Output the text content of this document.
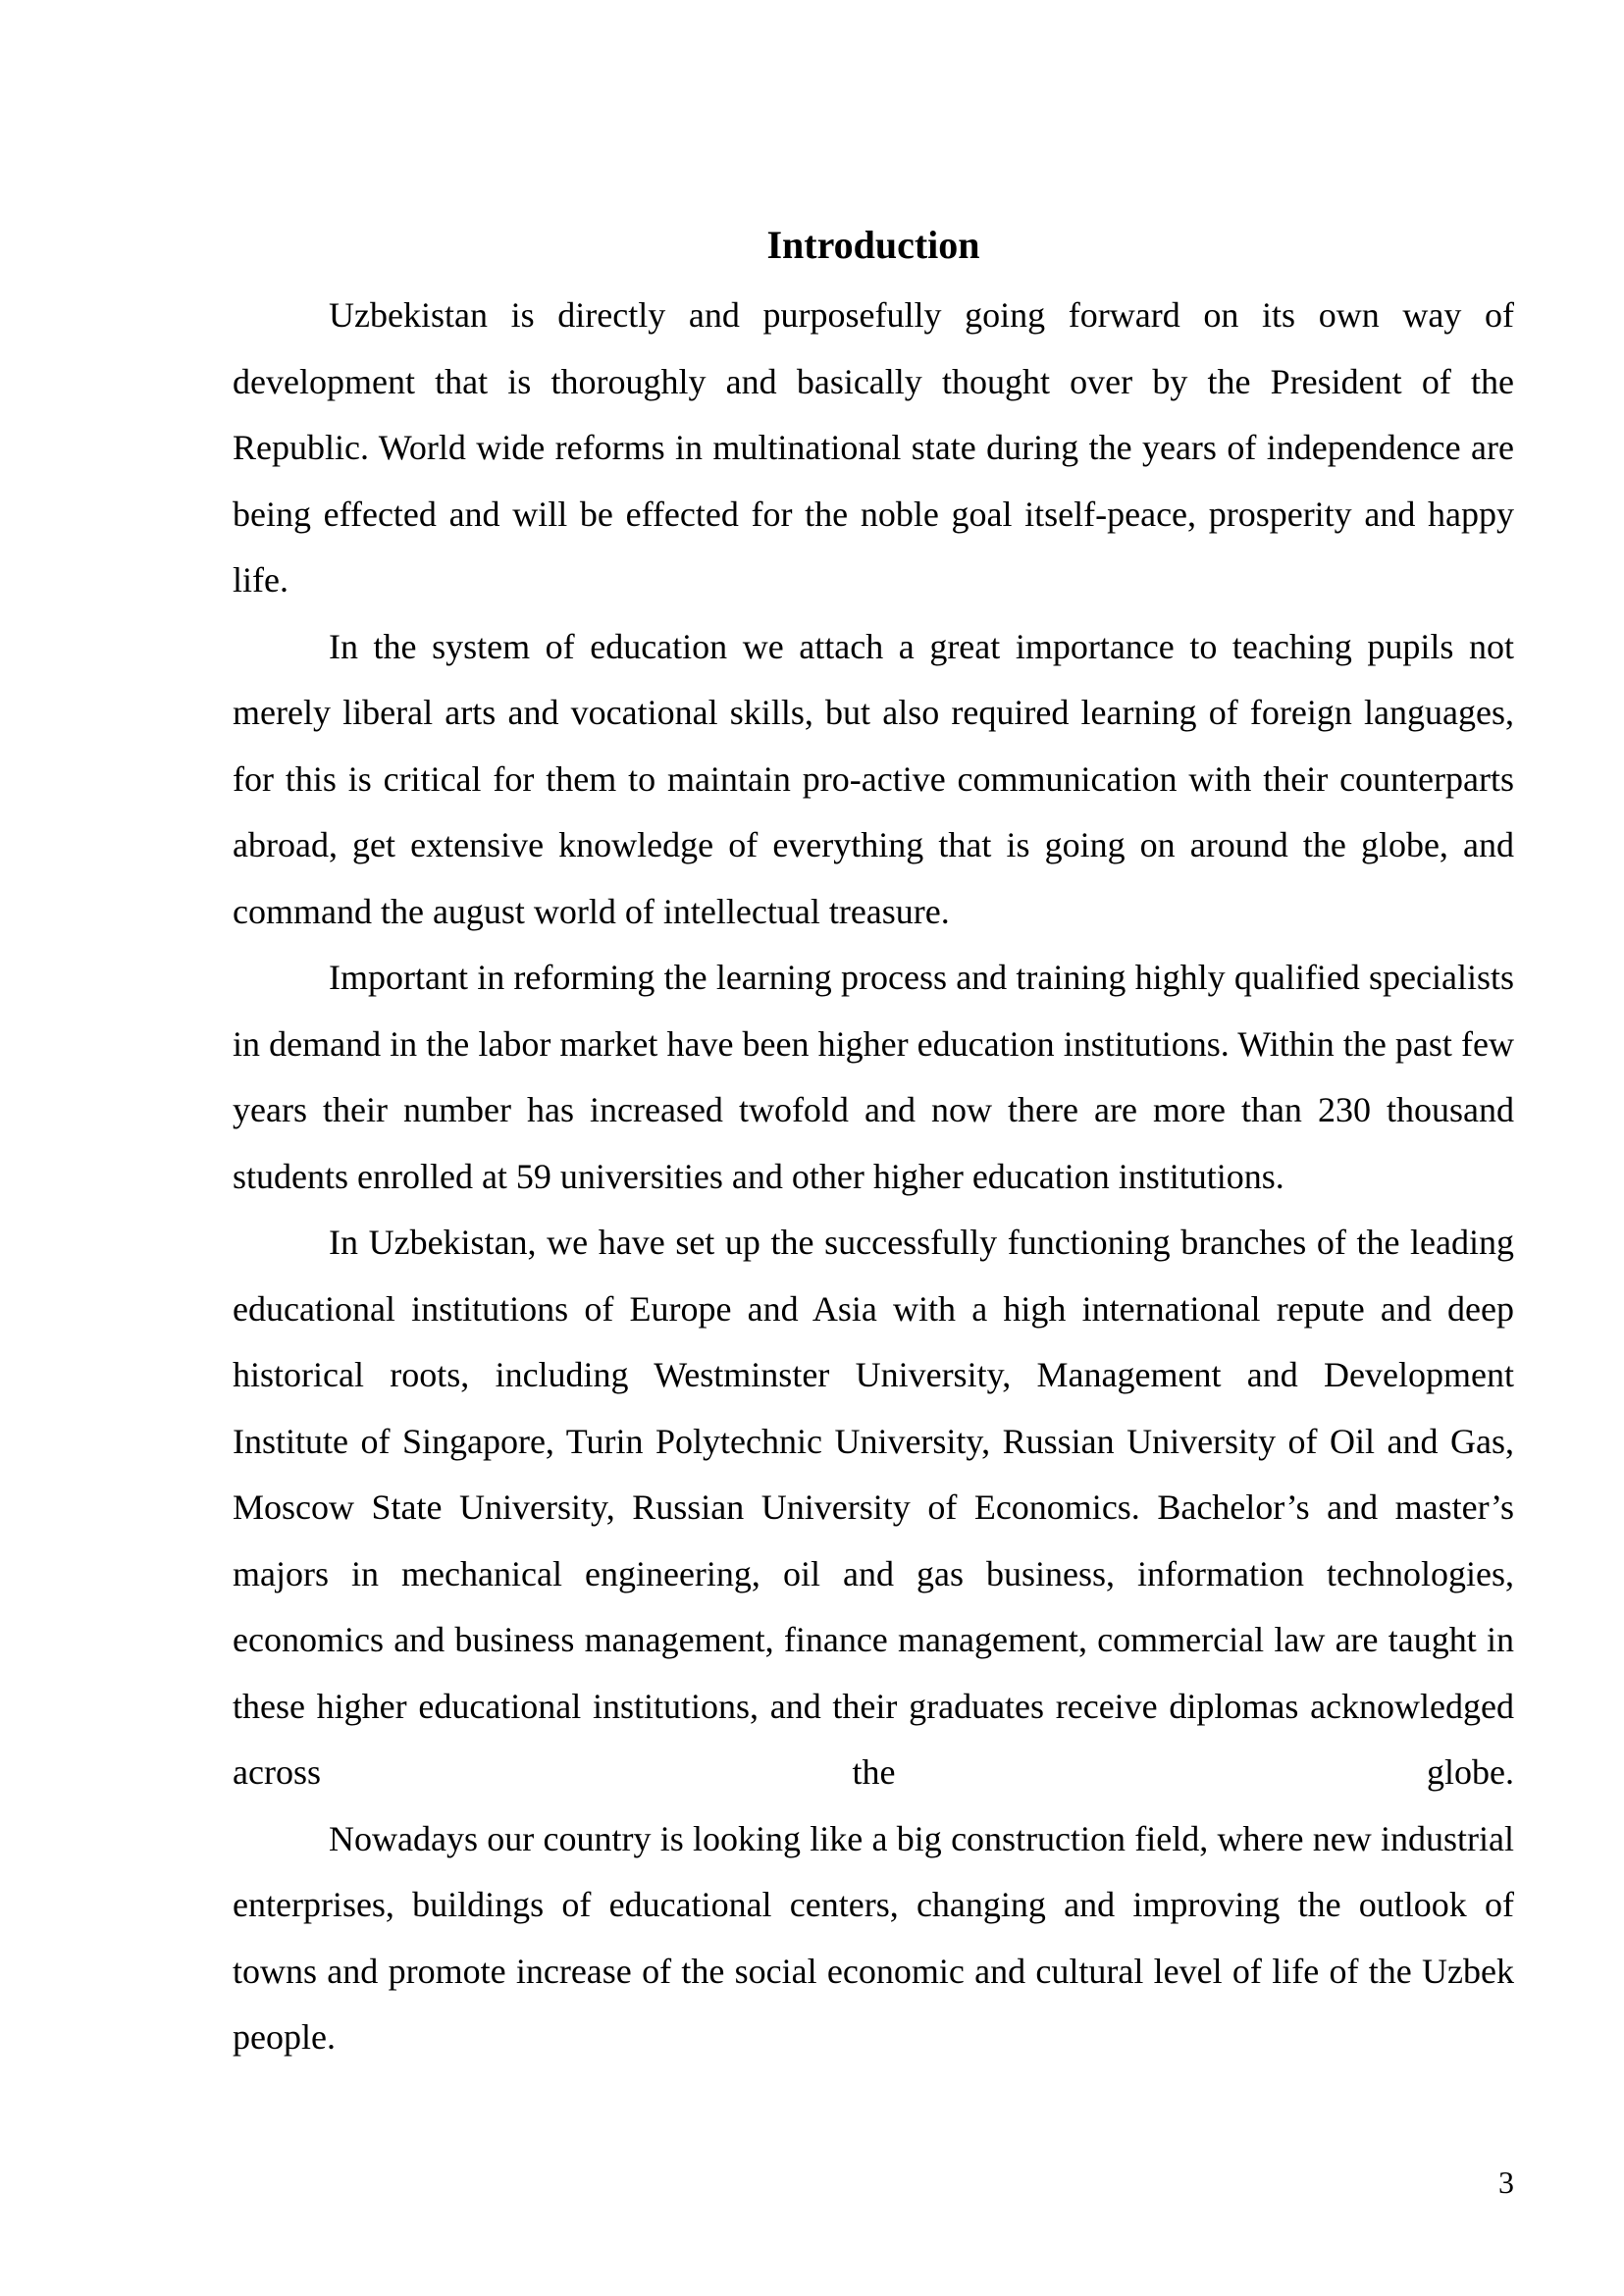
Introduction

Uzbekistan is directly and purposefully going forward on its own way of development that is thoroughly and basically thought over by the President of the Republic. World wide reforms in multinational state during the years of independence are being effected and will be effected for the noble goal itself-peace, prosperity and happy life.

In the system of education we attach a great importance to teaching pupils not merely liberal arts and vocational skills, but also required learning of foreign languages, for this is critical for them to maintain pro-active communication with their counterparts abroad, get extensive knowledge of everything that is going on around the globe, and command the august world of intellectual treasure.

Important in reforming the learning process and training highly qualified specialists in demand in the labor market have been higher education institutions. Within the past few years their number has increased twofold and now there are more than 230 thousand students enrolled at 59 universities and other higher education institutions.

In Uzbekistan, we have set up the successfully functioning branches of the leading educational institutions of Europe and Asia with a high international repute and deep historical roots, including Westminster University, Management and Development Institute of Singapore, Turin Polytechnic University, Russian University of Oil and Gas, Moscow State University, Russian University of Economics. Bachelor’s and master’s majors in mechanical engineering, oil and gas business, information technologies, economics and business management, finance management, commercial law are taught in these higher educational institutions, and their graduates receive diplomas acknowledged across the globe.

Nowadays our country is looking like a big construction field, where new industrial enterprises, buildings of educational centers, changing and improving the outlook of towns and promote increase of the social economic and cultural level of life of the Uzbek people.

3
